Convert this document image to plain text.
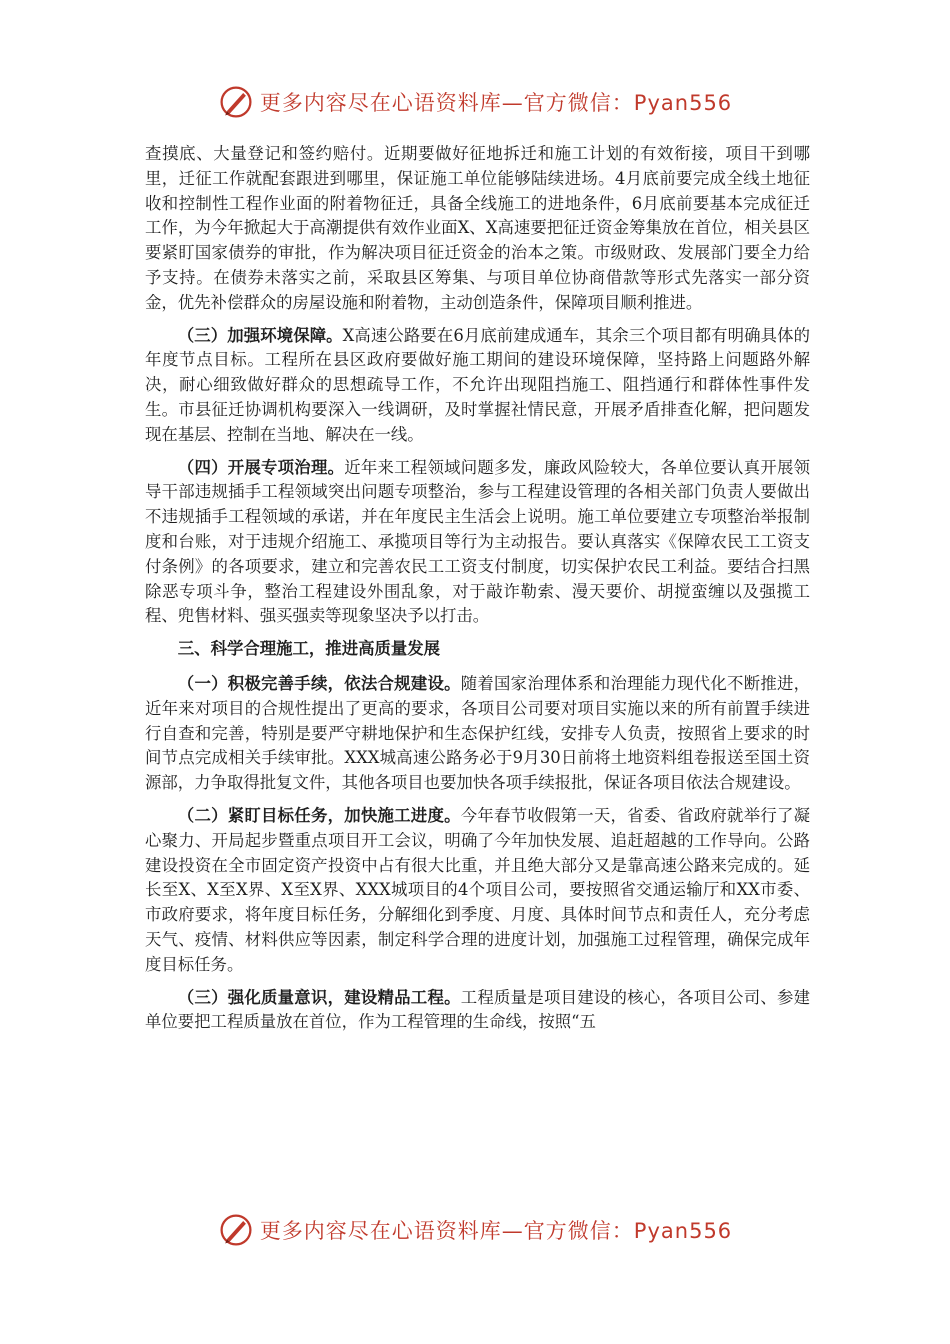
更多内容尽在心语资料库—官方微信：Pyan556

查摸底、大量登记和签约赔付。近期要做好征地拆迁和施工计划的有效衔接，项目干到哪里，迁征工作就配套跟进到哪里，保证施工单位能够陆续进场。4月底前要完成全线土地征收和控制性工程作业面的附着物征迁，具备全线施工的进地条件，6月底前要基本完成征迁工作，为今年掀起大于高潮提供有效作业面X、X高速要把征迁资金筹集放在首位，相关县区要紧盯国家债券的审批，作为解决项目征迁资金的治本之策。市级财政、发展部门要全力给予支持。在债券未落实之前，采取县区筹集、与项目单位协商借款等形式先落实一部分资金，优先补偿群众的房屋设施和附着物，主动创造条件，保障项目顺利推进。

（三）加强环境保障。X高速公路要在6月底前建成通车，其余三个项目都有明确具体的年度节点目标。工程所在县区政府要做好施工期间的建设环境保障，坚持路上问题路外解决，耐心细致做好群众的思想疏导工作，不允许出现阻挡施工、阻挡通行和群体性事件发生。市县征迁协调机构要深入一线调研，及时掌握社情民意，开展矛盾排查化解，把问题发现在基层、控制在当地、解决在一线。

（四）开展专项治理。近年来工程领域问题多发，廉政风险较大，各单位要认真开展领导干部违规插手工程领域突出问题专项整治，参与工程建设管理的各相关部门负责人要做出不违规插手工程领域的承诺，并在年度民主生活会上说明。施工单位要建立专项整治举报制度和台账，对于违规介绍施工、承揽项目等行为主动报告。要认真落实《保障农民工工资支付条例》的各项要求，建立和完善农民工工资支付制度，切实保护农民工利益。要结合扫黑除恶专项斗争，整治工程建设外围乱象，对于敲诈勒索、漫天要价、胡搅蛮缠以及强揽工程、兜售材料、强买强卖等现象坚决予以打击。

三、科学合理施工，推进高质量发展

（一）积极完善手续，依法合规建设。随着国家治理体系和治理能力现代化不断推进，近年来对项目的合规性提出了更高的要求，各项目公司要对项目实施以来的所有前置手续进行自查和完善，特别是要严守耕地保护和生态保护红线，安排专人负责，按照省上要求的时间节点完成相关手续审批。XXX城高速公路务必于9月30日前将土地资料组卷报送至国土资源部，力争取得批复文件，其他各项目也要加快各项手续报批，保证各项目依法合规建设。

（二）紧盯目标任务，加快施工进度。今年春节收假第一天，省委、省政府就举行了凝心聚力、开局起步暨重点项目开工会议，明确了今年加快发展、追赶超越的工作导向。公路建设投资在全市固定资产投资中占有很大比重，并且绝大部分又是靠高速公路来完成的。延长至X、X至X界、X至X界、XXX城项目的4个项目公司，要按照省交通运输厅和XX市委、市政府要求，将年度目标任务，分解细化到季度、月度、具体时间节点和责任人，充分考虑天气、疫情、材料供应等因素，制定科学合理的进度计划，加强施工过程管理，确保完成年度目标任务。

（三）强化质量意识，建设精品工程。工程质量是项目建设的核心，各项目公司、参建单位要把工程质量放在首位，作为工程管理的生命线，按照“五

更多内容尽在心语资料库—官方微信：Pyan556
